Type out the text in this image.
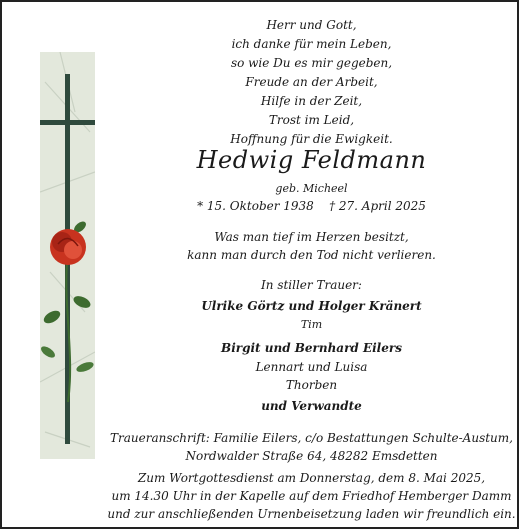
Herr und Gott,
ich danke für mein Leben,
so wie Du es mir gegeben,
Freude an der Arbeit,
Hilfe in der Zeit,
Trost im Leid,
Hoffnung für die Ewigkeit.
Hedwig Feldmann
geb. Micheel
* 15. Oktober 1938    † 27. April 2025
Was man tief im Herzen besitzt,
kann man durch den Tod nicht verlieren.
In stiller Trauer:
Ulrike Görtz und Holger Kränert
Tim
Birgit und Bernhard Eilers
Lennart und Luisa
Thorben
und Verwandte
Traueranschrift: Familie Eilers, c/o Bestattungen Schulte-Austum,
Nordwalder Straße 64, 48282 Emsdetten
Zum Wortgottesdienst am Donnerstag, dem 8. Mai 2025,
um 14.30 Uhr in der Kapelle auf dem Friedhof Hemberger Damm
und zur anschließenden Urnenbeisetzung laden wir freundlich ein.
